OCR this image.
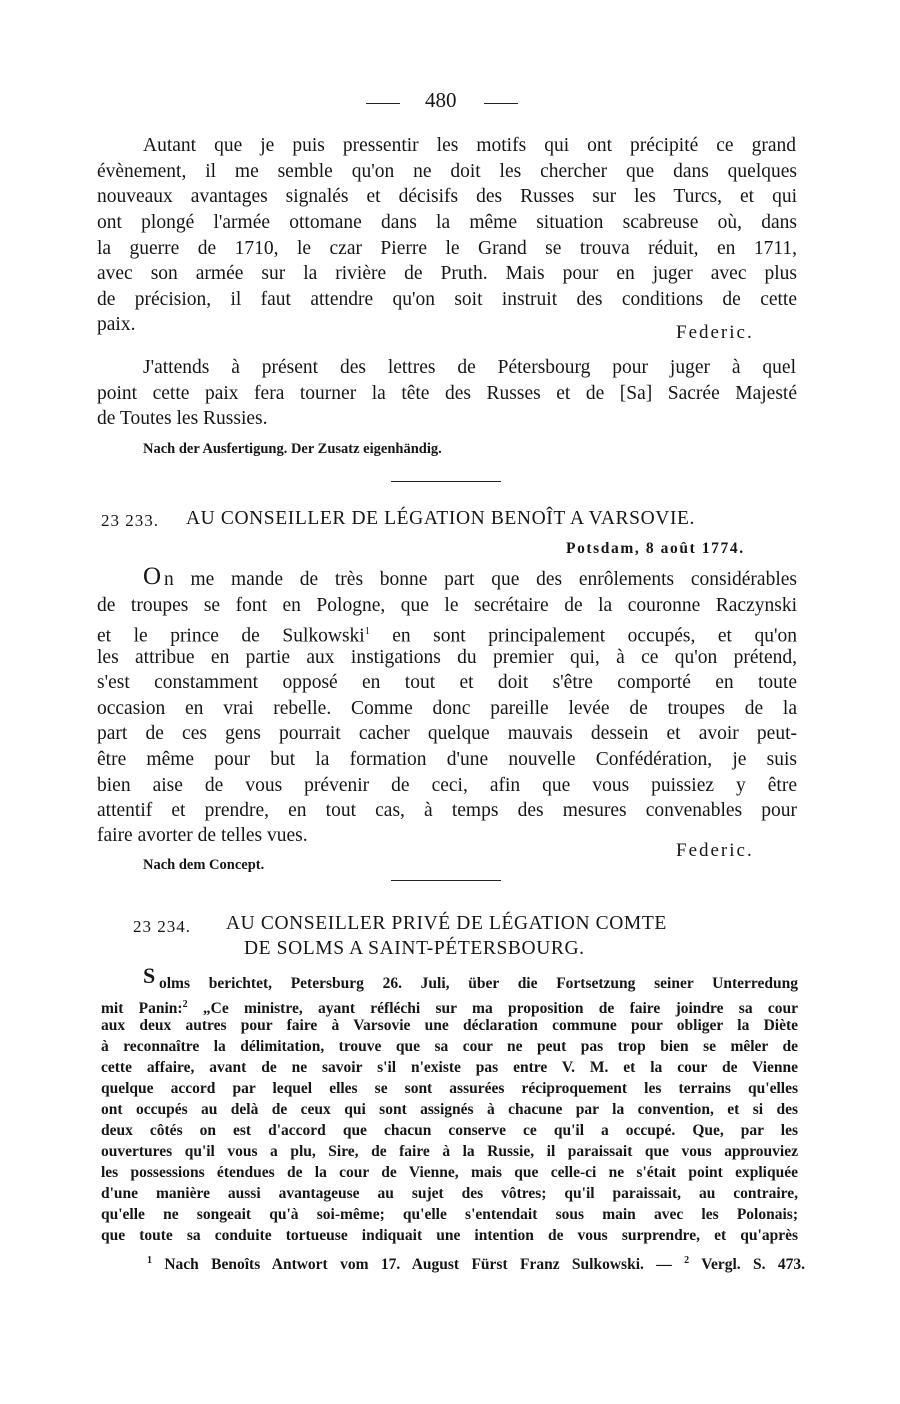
480
Autant que je puis pressentir les motifs qui ont précipité ce grand
évènement, il me semble qu'on ne doit les chercher que dans quelques
nouveaux avantages signalés et décisifs des Russes sur les Turcs, et qui
ont plongé l'armée ottomane dans la même situation scabreuse où, dans
la guerre de 1710, le czar Pierre le Grand se trouva réduit, en 1711,
avec son armée sur la rivière de Pruth. Mais pour en juger avec plus
de précision, il faut attendre qu'on soit instruit des conditions de cette
paix.	Federic.
J'attends à présent des lettres de Pétersbourg pour juger à quel
point cette paix fera tourner la tête des Russes et de [Sa] Sacrée Majesté
de Toutes les Russies.
Nach der Ausfertigung. Der Zusatz eigenhändig.
23 233. AU CONSEILLER DE LÉGATION BENOÎT A VARSOVIE.
Potsdam, 8 août 1774.
O n me mande de très bonne part que des enrôlements considérables
de troupes se font en Pologne, que le secrétaire de la couronne Raczynski
et le prince de Sulkowski$^1$ en sont principalement occupés, et qu'on
les attribue en partie aux instigations du premier qui, à ce qu'on prétend,
s'est constamment opposé en tout et doit s'être comporté en toute
occasion en vrai rebelle. Comme donc pareille levée de troupes de la
part de ces gens pourrait cacher quelque mauvais dessein et avoir peut-
être même pour but la formation d'une nouvelle Confédération, je suis
bien aise de vous prévenir de ceci, afin que vous puissiez y être
attentif et prendre, en tout cas, à temps des mesures convenables pour
faire avorter de telles vues.
Federic.
Nach dem Concept.
23 234. AU CONSEILLER PRIVÉ DE LÉGATION COMTE
DE SOLMS A SAINT-PÉTERSBOURG.
S olms berichtet, Petersburg 26. Juli, über die Fortsetzung seiner Unterredung
mit Panin:$^2$ „Ce ministre, ayant réfléchi sur ma proposition de faire joindre sa cour
aux deux autres pour faire à Varsovie une déclaration commune pour obliger la Diète
à reconnaître la délimitation, trouve que sa cour ne peut pas trop bien se mêler de
cette affaire, avant de ne savoir s'il n'existe pas entre V. M. et la cour de Vienne
quelque accord par lequel elles se sont assurées réciproquement les terrains qu'elles
ont occupés au delà de ceux qui sont assignés à chacune par la convention, et si des
deux côtés on est d'accord que chacun conserve ce qu'il a occupé. Que, par les
ouvertures qu'il vous a plu, Sire, de faire à la Russie, il paraissait que vous approuviez
les possessions étendues de la cour de Vienne, mais que celle-ci ne s'était point expliquée
d'une manière aussi avantageuse au sujet des vôtres; qu'il paraissait, au contraire,
qu'elle ne songeait qu'à soi-même; qu'elle s'entendait sous main avec les Polonais;
que toute sa conduite tortueuse indiquait une intention de vous surprendre, et qu'après
$^1$ Nach Benoîts Antwort vom 17. August Fürst Franz Sulkowski. — $^2$ Vergl. S. 473.
